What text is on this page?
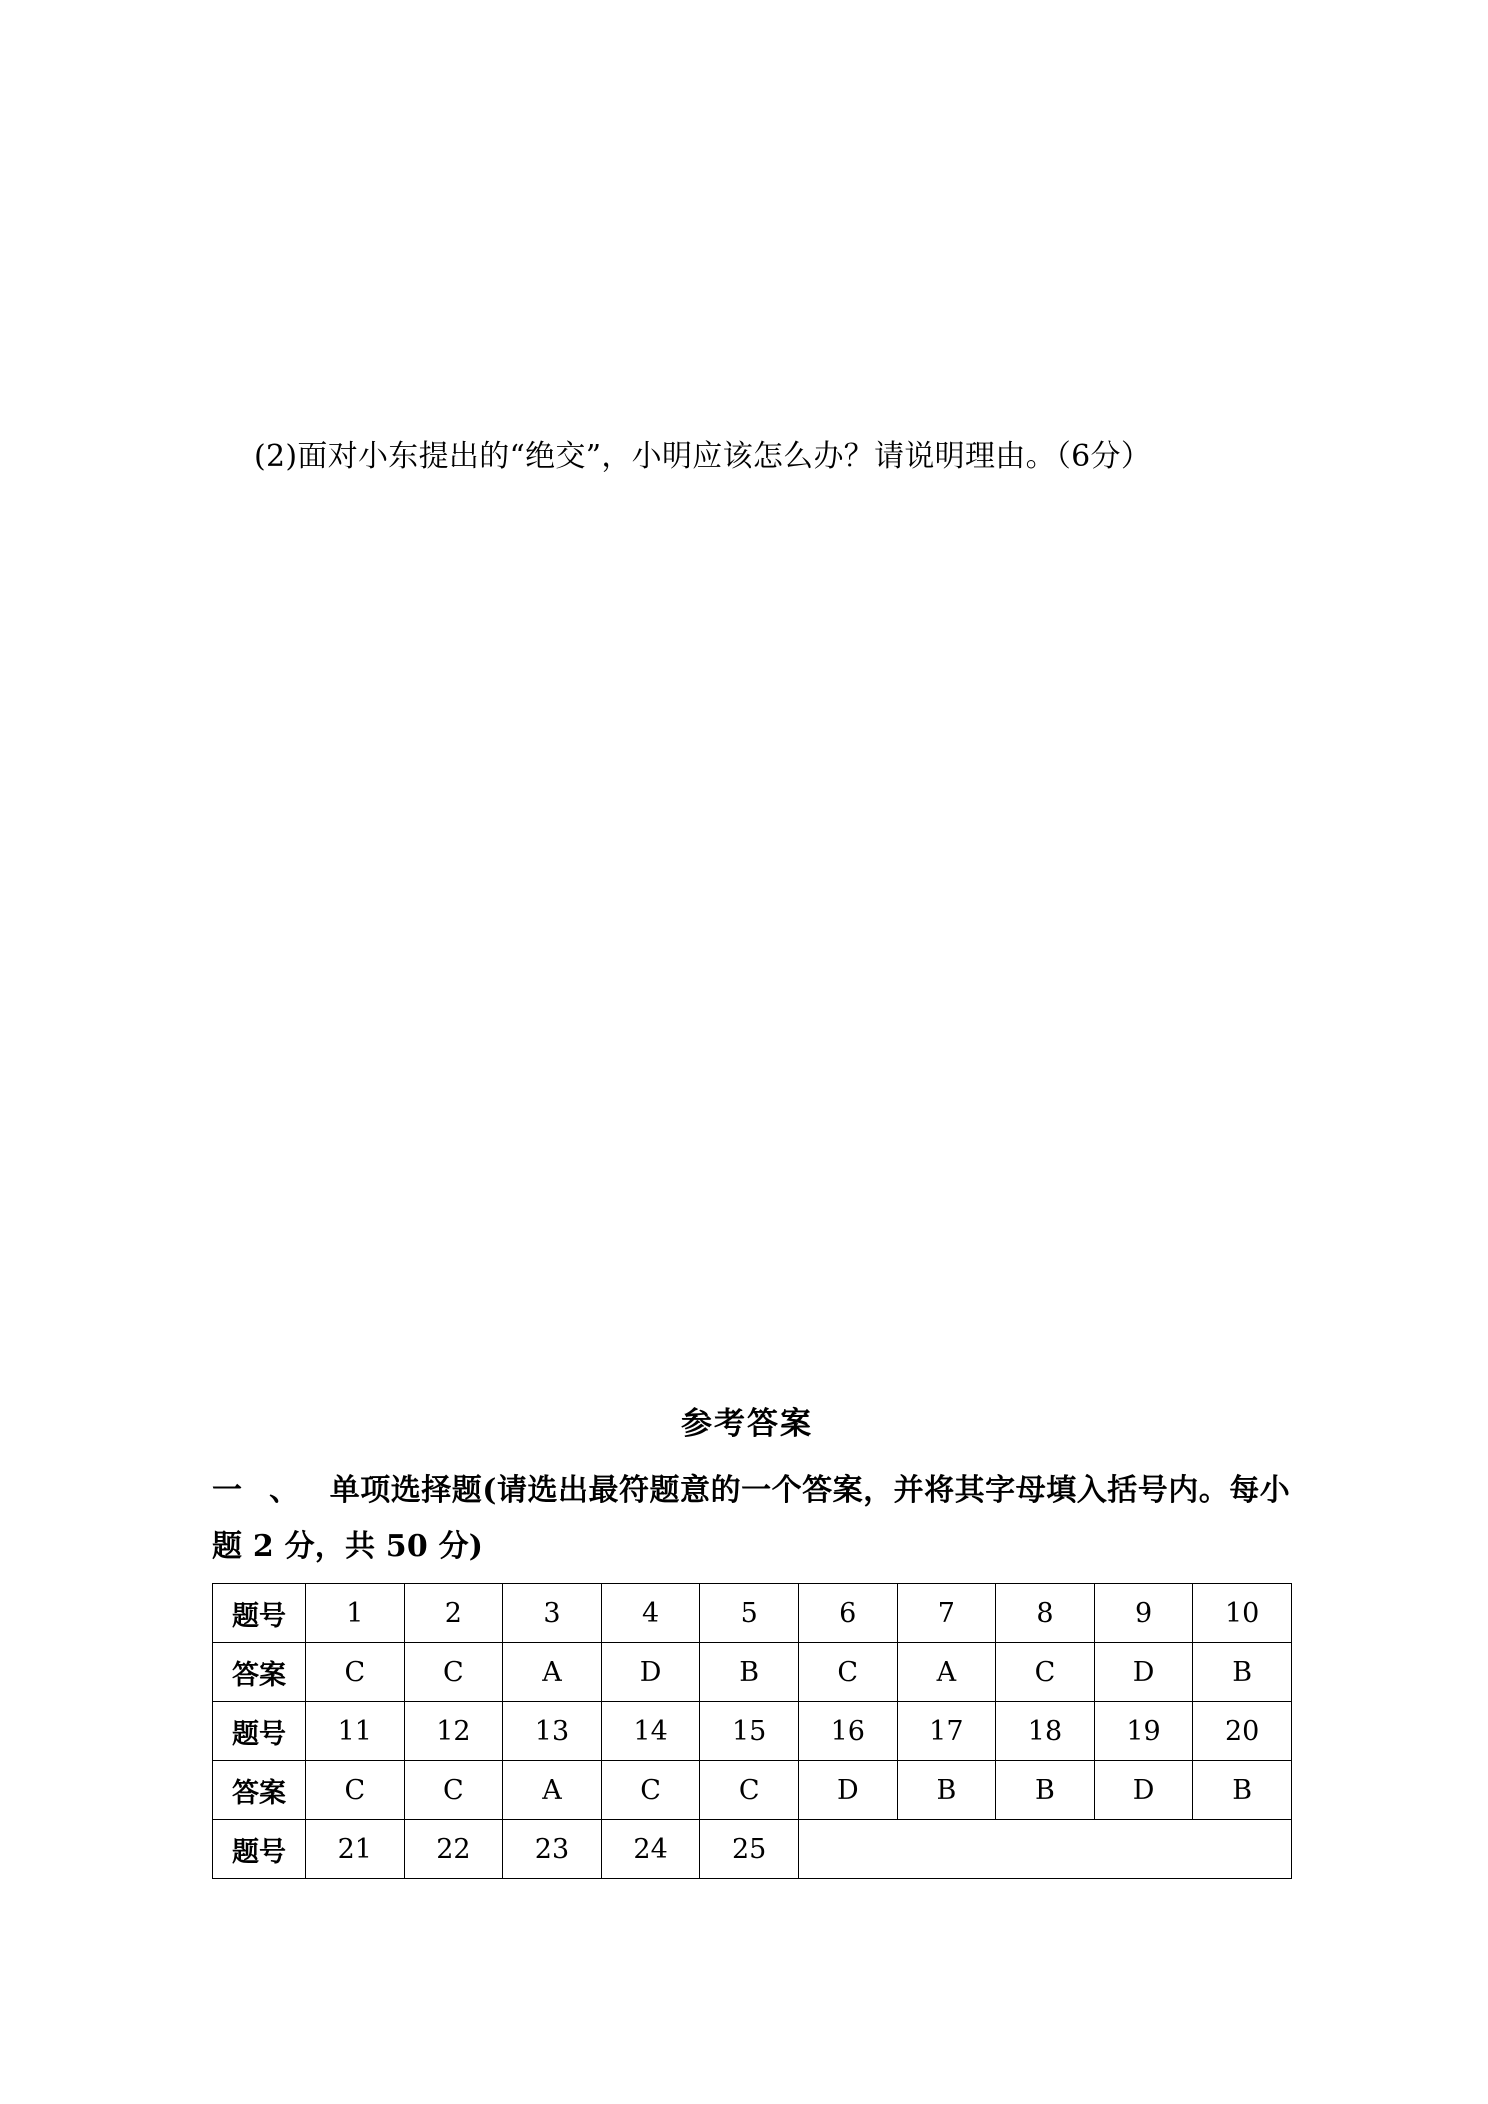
(2)面对小东提出的“绝交”，小明应该怎么办？请说明理由。（6分）

参考答案
一 、 单项选择题(请选出最符题意的一个答案，并将其字母填入括号内。每小题 2 分，共 50 分)
题号	1	2	3	4	5	6	7	8	9	10
答案	C	C	A	D	B	C	A	C	D	B
题号	11	12	13	14	15	16	17	18	19	20
答案	C	C	A	C	C	D	B	B	D	B
题号	21	22	23	24	25					
